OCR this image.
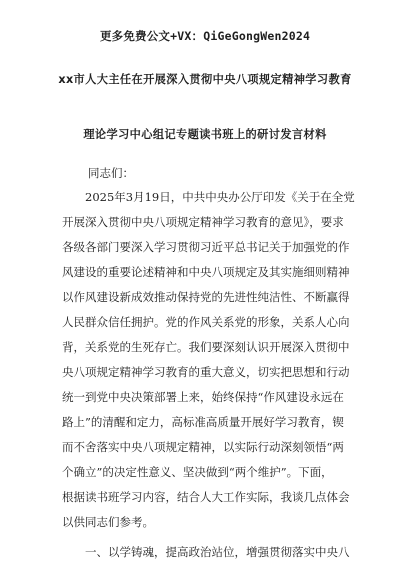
更多免费公文+VX：QiGeGongWen2024
xx市人大主任在开展深入贯彻中央八项规定精神学习教育
理论学习中心组记专题读书班上的研讨发言材料
同志们：
　　2025年3月19日，中共中央办公厅印发《关于在全党
开展深入贯彻中央八项规定精神学习教育的意见》，要求
各级各部门要深入学习贯彻习近平总书记关于加强党的作
风建设的重要论述精神和中央八项规定及其实施细则精神
以作风建设新成效推动保持党的先进性纯洁性、不断赢得
人民群众信任拥护。党的作风关系党的形象，关系人心向
背，关系党的生死存亡。我们要深刻认识开展深入贯彻中
央八项规定精神学习教育的重大意义，切实把思想和行动
统一到党中央决策部署上来，始终保持“作风建设永远在
路上”的清醒和定力，高标准高质量开展好学习教育，锲
而不舍落实中央八项规定精神，以实际行动深刻领悟“两
个确立”的决定性意义、坚决做到“两个维护”。下面，
根据读书班学习内容，结合人大工作实际，我谈几点体会
以供同志们参考。
　　一、以学铸魂，提高政治站位，增强贯彻落实中央八
